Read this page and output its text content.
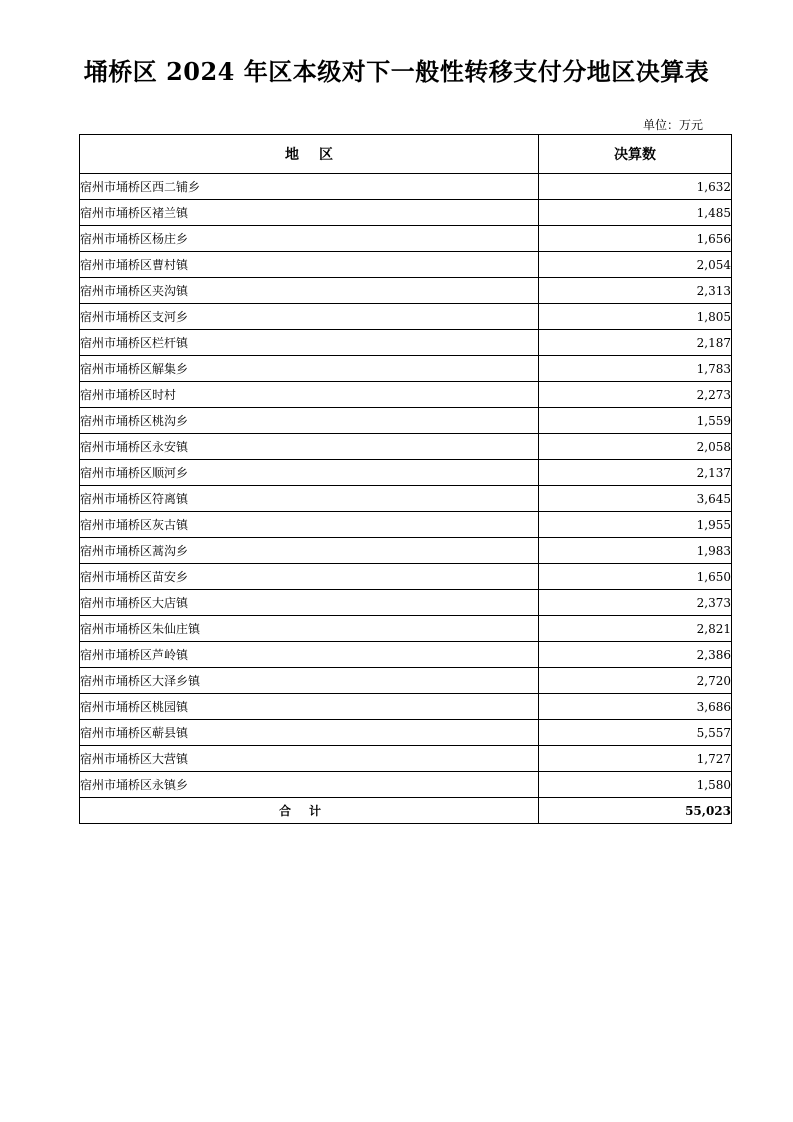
埇桥区 2024 年区本级对下一般性转移支付分地区决算表
单位：万元
地区	决算数
宿州市埇桥区西二铺乡	1,632
宿州市埇桥区褚兰镇	1,485
宿州市埇桥区杨庄乡	1,656
宿州市埇桥区曹村镇	2,054
宿州市埇桥区夹沟镇	2,313
宿州市埇桥区支河乡	1,805
宿州市埇桥区栏杆镇	2,187
宿州市埇桥区解集乡	1,783
宿州市埇桥区时村	2,273
宿州市埇桥区桃沟乡	1,559
宿州市埇桥区永安镇	2,058
宿州市埇桥区顺河乡	2,137
宿州市埇桥区符离镇	3,645
宿州市埇桥区灰古镇	1,955
宿州市埇桥区蒿沟乡	1,983
宿州市埇桥区苗安乡	1,650
宿州市埇桥区大店镇	2,373
宿州市埇桥区朱仙庄镇	2,821
宿州市埇桥区芦岭镇	2,386
宿州市埇桥区大泽乡镇	2,720
宿州市埇桥区桃园镇	3,686
宿州市埇桥区蕲县镇	5,557
宿州市埇桥区大营镇	1,727
宿州市埇桥区永镇乡	1,580
合计	55,023
